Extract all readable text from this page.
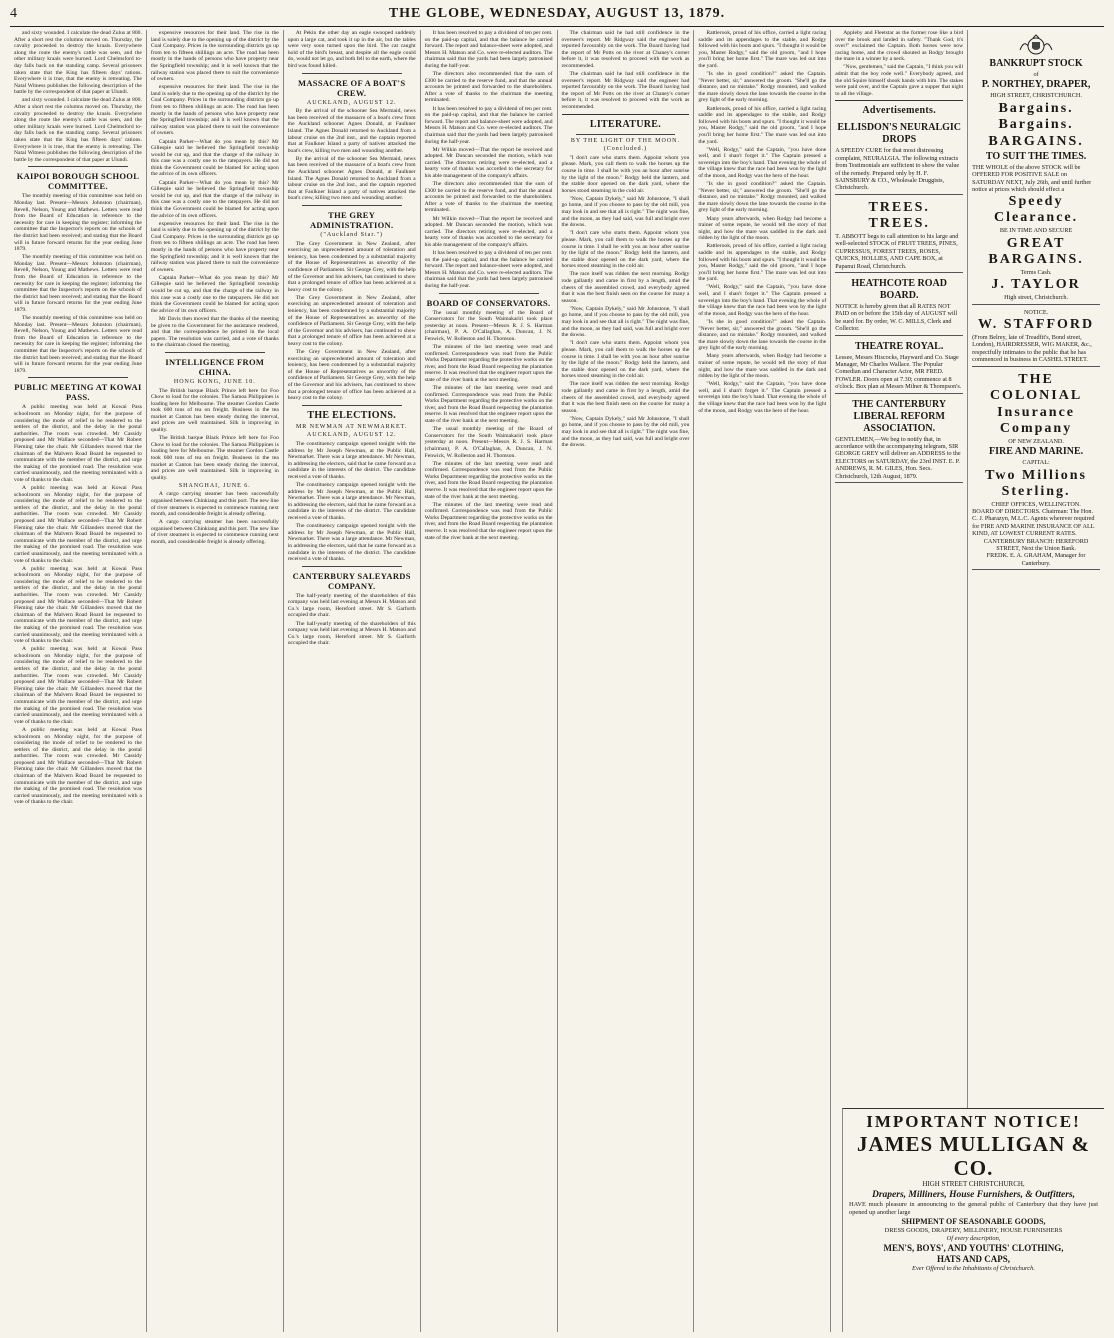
4	THE GLOBE, WEDNESDAY, AUGUST 13, 1879.

and sixty wounded. I calculate the dead Zulus at 800. After a short rest the columns moved on. Thursday, the cavalry proceeded to destroy the kraals. Everywhere along the route the enemy's cattle was seen, and the other military kraals were burned. Lord Chelmsford to-day falls back on the standing camp. Several prisoners taken state that the King has fifteen days' rations. Everywhere it is true, that the enemy is retreating. The Natal Witness publishes the following description of the battle by the correspondent of that paper at Ulundi.

and sixty wounded. I calculate the dead Zulus at 800. After a short rest the columns moved on. Thursday, the cavalry proceeded to destroy the kraals. Everywhere along the route the enemy's cattle was seen, and the other military kraals were burned. Lord Chelmsford to-day falls back on the standing camp. Several prisoners taken state that the King has fifteen days' rations. Everywhere it is true, that the enemy is retreating. The Natal Witness publishes the following description of the battle by the correspondent of that paper at Ulundi.

KAIPOI BOROUGH SCHOOL COMMITTEE.

The monthly meeting of this committee was held on Monday last. Present—Messrs Johnston (chairman), Revell, Nelson, Young and Mathews. Letters were read from the Board of Education in reference to the necessity for care in keeping the register; informing the committee that the Inspector's reports on the schools of the district had been received; and stating that the Board will in future forward returns for the year ending June 1879.

The monthly meeting of this committee was held on Monday last. Present—Messrs Johnston (chairman), Revell, Nelson, Young and Mathews. Letters were read from the Board of Education in reference to the necessity for care in keeping the register; informing the committee that the Inspector's reports on the schools of the district had been received; and stating that the Board will in future forward returns for the year ending June 1879.

The monthly meeting of this committee was held on Monday last. Present—Messrs Johnston (chairman), Revell, Nelson, Young and Mathews. Letters were read from the Board of Education in reference to the necessity for care in keeping the register; informing the committee that the Inspector's reports on the schools of the district had been received; and stating that the Board will in future forward returns for the year ending June 1879.

PUBLIC MEETING AT KOWAI PASS.

A public meeting was held at Kowai Pass schoolroom on Monday night, for the purpose of considering the mode of relief to be rendered to the settlers of the district, and the delay in the postal authorities. The room was crowded. Mr Cassidy proposed and Mr Wallace seconded—That Mr Robert Fleming take the chair. Mr Gillanders moved that the chairman of the Malvern Road Board be requested to communicate with the member of the district, and urge the making of the promised road. The resolution was carried unanimously, and the meeting terminated with a vote of thanks to the chair.

A public meeting was held at Kowai Pass schoolroom on Monday night, for the purpose of considering the mode of relief to be rendered to the settlers of the district, and the delay in the postal authorities. The room was crowded. Mr Cassidy proposed and Mr Wallace seconded—That Mr Robert Fleming take the chair. Mr Gillanders moved that the chairman of the Malvern Road Board be requested to communicate with the member of the district, and urge the making of the promised road. The resolution was carried unanimously, and the meeting terminated with a vote of thanks to the chair.

A public meeting was held at Kowai Pass schoolroom on Monday night, for the purpose of considering the mode of relief to be rendered to the settlers of the district, and the delay in the postal authorities. The room was crowded. Mr Cassidy proposed and Mr Wallace seconded—That Mr Robert Fleming take the chair. Mr Gillanders moved that the chairman of the Malvern Road Board be requested to communicate with the member of the district, and urge the making of the promised road. The resolution was carried unanimously, and the meeting terminated with a vote of thanks to the chair.

A public meeting was held at Kowai Pass schoolroom on Monday night, for the purpose of considering the mode of relief to be rendered to the settlers of the district, and the delay in the postal authorities. The room was crowded. Mr Cassidy proposed and Mr Wallace seconded—That Mr Robert Fleming take the chair. Mr Gillanders moved that the chairman of the Malvern Road Board be requested to communicate with the member of the district, and urge the making of the promised road. The resolution was carried unanimously, and the meeting terminated with a vote of thanks to the chair.

A public meeting was held at Kowai Pass schoolroom on Monday night, for the purpose of considering the mode of relief to be rendered to the settlers of the district, and the delay in the postal authorities. The room was crowded. Mr Cassidy proposed and Mr Wallace seconded—That Mr Robert Fleming take the chair. Mr Gillanders moved that the chairman of the Malvern Road Board be requested to communicate with the member of the district, and urge the making of the promised road. The resolution was carried unanimously, and the meeting terminated with a vote of thanks to the chair.

expensive resources for their land. The rise in the land is solely due to the opening up of the district by the Coal Company. Prices in the surrounding districts go up from ten to fifteen shillings an acre. The road has been mostly in the hands of persons who have property near the Springfield township; and it is well known that the railway station was placed there to suit the convenience of owners.

expensive resources for their land. The rise in the land is solely due to the opening up of the district by the Coal Company. Prices in the surrounding districts go up from ten to fifteen shillings an acre. The road has been mostly in the hands of persons who have property near the Springfield township; and it is well known that the railway station was placed there to suit the convenience of owners.

Captain Parker—What do you mean by this? Mr Gillespie said he believed the Springfield township would be cut up, and that the charge of the railway in this case was a costly one to the ratepayers. He did not think the Government could be blamed for acting upon the advice of its own officers.

Captain Parker—What do you mean by this? Mr Gillespie said he believed the Springfield township would be cut up, and that the charge of the railway in this case was a costly one to the ratepayers. He did not think the Government could be blamed for acting upon the advice of its own officers.

expensive resources for their land. The rise in the land is solely due to the opening up of the district by the Coal Company. Prices in the surrounding districts go up from ten to fifteen shillings an acre. The road has been mostly in the hands of persons who have property near the Springfield township; and it is well known that the railway station was placed there to suit the convenience of owners.

Captain Parker—What do you mean by this? Mr Gillespie said he believed the Springfield township would be cut up, and that the charge of the railway in this case was a costly one to the ratepayers. He did not think the Government could be blamed for acting upon the advice of its own officers.

Mr Davis then moved that the thanks of the meeting be given to the Government for the assistance rendered, and that the correspondence be printed in the local papers. The resolution was carried, and a vote of thanks to the chairman closed the meeting.

INTELLIGENCE FROM CHINA.
HONG KONG, JUNE 10.

The British barque Black Prince left here for Foo Chow to load for the colonies. The Samoa Philippines is loading here for Melbourne. The steamer Gordon Castle took 600 tons of tea on freight. Business in the tea market at Canton has been steady during the interval, and prices are well maintained. Silk is improving in quality.

The British barque Black Prince left here for Foo Chow to load for the colonies. The Samoa Philippines is loading here for Melbourne. The steamer Gordon Castle took 600 tons of tea on freight. Business in the tea market at Canton has been steady during the interval, and prices are well maintained. Silk is improving in quality.

SHANGHAI, JUNE 6.

A cargo carrying steamer has been successfully organised between Chinkiang and this port. The new line of river steamers is expected to commence running next month, and considerable freight is already offering.

A cargo carrying steamer has been successfully organised between Chinkiang and this port. The new line of river steamers is expected to commence running next month, and considerable freight is already offering.

At Pekin the other day an eagle swooped suddenly upon a large cat, and took it up in the air, but the tables were very soon turned upon the bird. The cat caught hold of the bird's breast, and despite all the eagle could do, would not let go, and both fell to the earth, where the bird was found killed.

MASSACRE OF A BOAT'S CREW.
AUCKLAND, AUGUST 12.

By the arrival of the schooner Sea Mermaid, news has been received of the massacre of a boat's crew from the Auckland schooner Agnes Donald, at Faulkner Island. The Agnes Donald returned to Auckland from a labour cruise on the 2nd inst., and the captain reported that at Faulkner Island a party of natives attacked the boat's crew, killing two men and wounding another.

By the arrival of the schooner Sea Mermaid, news has been received of the massacre of a boat's crew from the Auckland schooner Agnes Donald, at Faulkner Island. The Agnes Donald returned to Auckland from a labour cruise on the 2nd inst., and the captain reported that at Faulkner Island a party of natives attacked the boat's crew, killing two men and wounding another.

THE GREY ADMINISTRATION.
("Auckland Star.")

The Grey Government in New Zealand, after exercising an unprecedented amount of toleration and leniency, has been condemned by a substantial majority of the House of Representatives as unworthy of the confidence of Parliament. Sir George Grey, with the help of the Governor and his advisers, has continued to show that a prolonged tenure of office has been achieved at a heavy cost to the colony.

The Grey Government in New Zealand, after exercising an unprecedented amount of toleration and leniency, has been condemned by a substantial majority of the House of Representatives as unworthy of the confidence of Parliament. Sir George Grey, with the help of the Governor and his advisers, has continued to show that a prolonged tenure of office has been achieved at a heavy cost to the colony.

The Grey Government in New Zealand, after exercising an unprecedented amount of toleration and leniency, has been condemned by a substantial majority of the House of Representatives as unworthy of the confidence of Parliament. Sir George Grey, with the help of the Governor and his advisers, has continued to show that a prolonged tenure of office has been achieved at a heavy cost to the colony.

THE ELECTIONS.
MR NEWMAN AT NEWMARKET.
AUCKLAND, AUGUST 12.

The constituency campaign opened tonight with the address by Mr Joseph Newman, at the Public Hall, Newmarket. There was a large attendance. Mr Newman, in addressing the electors, said that he came forward as a candidate in the interests of the district. The candidate received a vote of thanks.

The constituency campaign opened tonight with the address by Mr Joseph Newman, at the Public Hall, Newmarket. There was a large attendance. Mr Newman, in addressing the electors, said that he came forward as a candidate in the interests of the district. The candidate received a vote of thanks.

The constituency campaign opened tonight with the address by Mr Joseph Newman, at the Public Hall, Newmarket. There was a large attendance. Mr Newman, in addressing the electors, said that he came forward as a candidate in the interests of the district. The candidate received a vote of thanks.

CANTERBURY SALEYARDS COMPANY.

The half-yearly meeting of the shareholders of this company was held last evening at Messrs H. Matson and Co.'s large room, Hereford street. Mr S. Garforth occupied the chair.

The half-yearly meeting of the shareholders of this company was held last evening at Messrs H. Matson and Co.'s large room, Hereford street. Mr S. Garforth occupied the chair.

It has been resolved to pay a dividend of ten per cent. on the paid-up capital, and that the balance be carried forward. The report and balance-sheet were adopted, and Messrs H. Matson and Co. were re-elected auditors. The chairman said that the yards had been largely patronised during the half-year.

The directors also recommended that the sum of £300 be carried to the reserve fund, and that the annual accounts be printed and forwarded to the shareholders. After a vote of thanks to the chairman the meeting terminated.

It has been resolved to pay a dividend of ten per cent. on the paid-up capital, and that the balance be carried forward. The report and balance-sheet were adopted, and Messrs H. Matson and Co. were re-elected auditors. The chairman said that the yards had been largely patronised during the half-year.

Mr Wilkin moved—That the report be received and adopted. Mr Duncan seconded the motion, which was carried. The directors retiring were re-elected, and a hearty vote of thanks was accorded to the secretary for his able management of the company's affairs.

The directors also recommended that the sum of £300 be carried to the reserve fund, and that the annual accounts be printed and forwarded to the shareholders. After a vote of thanks to the chairman the meeting terminated.

Mr Wilkin moved—That the report be received and adopted. Mr Duncan seconded the motion, which was carried. The directors retiring were re-elected, and a hearty vote of thanks was accorded to the secretary for his able management of the company's affairs.

It has been resolved to pay a dividend of ten per cent. on the paid-up capital, and that the balance be carried forward. The report and balance-sheet were adopted, and Messrs H. Matson and Co. were re-elected auditors. The chairman said that the yards had been largely patronised during the half-year.

BOARD OF CONSERVATORS.

The usual monthly meeting of the Board of Conservators for the South Waimakariri took place yesterday at noon. Present—Messrs R. J. S. Harman (chairman), P. A. O'Callaghan, A. Duncan, J. N. Fenwick, W. Rolleston and H. Thomson.

The minutes of the last meeting were read and confirmed. Correspondence was read from the Public Works Department regarding the protective works on the river, and from the Road Board respecting the plantation reserve. It was resolved that the engineer report upon the state of the river bank at the next meeting.

The minutes of the last meeting were read and confirmed. Correspondence was read from the Public Works Department regarding the protective works on the river, and from the Road Board respecting the plantation reserve. It was resolved that the engineer report upon the state of the river bank at the next meeting.

The usual monthly meeting of the Board of Conservators for the South Waimakariri took place yesterday at noon. Present—Messrs R. J. S. Harman (chairman), P. A. O'Callaghan, A. Duncan, J. N. Fenwick, W. Rolleston and H. Thomson.

The minutes of the last meeting were read and confirmed. Correspondence was read from the Public Works Department regarding the protective works on the river, and from the Road Board respecting the plantation reserve. It was resolved that the engineer report upon the state of the river bank at the next meeting.

The minutes of the last meeting were read and confirmed. Correspondence was read from the Public Works Department regarding the protective works on the river, and from the Road Board respecting the plantation reserve. It was resolved that the engineer report upon the state of the river bank at the next meeting.

The chairman said he had still confidence in the overseer's report. Mr Ridgway said the engineer had reported favourably on the work. The Board having had the report of Mr Potts on the river at Chaney's corner before it, it was resolved to proceed with the work as recommended.

The chairman said he had still confidence in the overseer's report. Mr Ridgway said the engineer had reported favourably on the work. The Board having had the report of Mr Potts on the river at Chaney's corner before it, it was resolved to proceed with the work as recommended.

LITERATURE.
BY THE LIGHT OF THE MOON.
(Concluded.)

"I don't care who starts them. Appoint whom you please. Mark, you call them to walk the horses up the course in time. I shall be with you an hour after sunrise by the light of the moon." Rodgy held the lantern, and the stable door opened on the dark yard, where the horses stood steaming in the cold air.

"Now, Captain Dykely," said Mr Johnstone, "I shall go home, and if you choose to pass by the old mill, you may look in and see that all is right." The night was fine, and the moon, as they had said, was full and bright over the downs.

"I don't care who starts them. Appoint whom you please. Mark, you call them to walk the horses up the course in time. I shall be with you an hour after sunrise by the light of the moon." Rodgy held the lantern, and the stable door opened on the dark yard, where the horses stood steaming in the cold air.

The race itself was ridden the next morning. Rodgy rode gallantly and came in first by a length, amid the cheers of the assembled crowd, and everybody agreed that it was the best finish seen on the course for many a season.

"Now, Captain Dykely," said Mr Johnstone, "I shall go home, and if you choose to pass by the old mill, you may look in and see that all is right." The night was fine, and the moon, as they had said, was full and bright over the downs.

"I don't care who starts them. Appoint whom you please. Mark, you call them to walk the horses up the course in time. I shall be with you an hour after sunrise by the light of the moon." Rodgy held the lantern, and the stable door opened on the dark yard, where the horses stood steaming in the cold air.

The race itself was ridden the next morning. Rodgy rode gallantly and came in first by a length, amid the cheers of the assembled crowd, and everybody agreed that it was the best finish seen on the course for many a season.

"Now, Captain Dykely," said Mr Johnstone, "I shall go home, and if you choose to pass by the old mill, you may look in and see that all is right." The night was fine, and the moon, as they had said, was full and bright over the downs.

Rattlerook, proud of his office, carried a light racing saddle and its appendages to the stable, and Rodgy followed with his boots and spurs. "I thought it would be you, Master Rodgy," said the old groom, "and I hope you'll bring her home first." The mare was led out into the yard.

"Is she in good condition?" asked the Captain. "Never better, sir," answered the groom. "She'll go the distance, and no mistake." Rodgy mounted, and walked the mare slowly down the lane towards the course in the grey light of the early morning.

Rattlerook, proud of his office, carried a light racing saddle and its appendages to the stable, and Rodgy followed with his boots and spurs. "I thought it would be you, Master Rodgy," said the old groom, "and I hope you'll bring her home first." The mare was led out into the yard.

"Well, Rodgy," said the Captain, "you have done well, and I shan't forget it." The Captain pressed a sovereign into the boy's hand. That evening the whole of the village knew that the race had been won by the light of the moon, and Rodgy was the hero of the hour.

"Is she in good condition?" asked the Captain. "Never better, sir," answered the groom. "She'll go the distance, and no mistake." Rodgy mounted, and walked the mare slowly down the lane towards the course in the grey light of the early morning.

Many years afterwards, when Rodgy had become a trainer of some repute, he would tell the story of that night, and how the mare was saddled in the dark and ridden by the light of the moon.

Rattlerook, proud of his office, carried a light racing saddle and its appendages to the stable, and Rodgy followed with his boots and spurs. "I thought it would be you, Master Rodgy," said the old groom, "and I hope you'll bring her home first." The mare was led out into the yard.

"Well, Rodgy," said the Captain, "you have done well, and I shan't forget it." The Captain pressed a sovereign into the boy's hand. That evening the whole of the village knew that the race had been won by the light of the moon, and Rodgy was the hero of the hour.

"Is she in good condition?" asked the Captain. "Never better, sir," answered the groom. "She'll go the distance, and no mistake." Rodgy mounted, and walked the mare slowly down the lane towards the course in the grey light of the early morning.

Many years afterwards, when Rodgy had become a trainer of some repute, he would tell the story of that night, and how the mare was saddled in the dark and ridden by the light of the moon.

"Well, Rodgy," said the Captain, "you have done well, and I shan't forget it." The Captain pressed a sovereign into the boy's hand. That evening the whole of the village knew that the race had been won by the light of the moon, and Rodgy was the hero of the hour.

Appleby and Fleetstar as the former rose like a bird over the brook and landed in safety. "Thank God, it's over!" exclaimed the Captain. Both horses were now racing home, and the crowd shouted as Rodgy brought the mare in a winner by a neck.

"Now, gentlemen," said the Captain, "I think you will admit that the boy rode well." Everybody agreed, and the old Squire himself shook hands with him. The stakes were paid over, and the Captain gave a supper that night to all the village.

Advertisements.
ELLISDON'S NEURALGIC DROPS
A SPEEDY CURE for that most distressing complaint, NEURALGIA. The following extracts from Testimonials are sufficient to show the value of the remedy. Prepared only by H. F. SAINSBURY & CO., Wholesale Druggists, Christchurch.
TREES. TREES.
T. ABBOTT begs to call attention to his large and well-selected STOCK of FRUIT TREES, PINES, CUPRESSUS, FOREST TREES, ROSES, QUICKS, HOLLIES, AND CAPE BOX, at Papanui Road, Christchurch.
HEATHCOTE ROAD BOARD.
NOTICE is hereby given that all RATES NOT PAID on or before the 15th day of AUGUST will be sued for. By order, W. C. MILLS, Clerk and Collector.
THEATRE ROYAL.
Lessee, Messrs Hiscocks, Hayward and Co. Stage Manager, Mr Charles Wallace. The Popular Comedian and Character Actor, MR FRED. FOWLER. Doors open at 7.30; commence at 8 o'clock. Box plan at Messrs Milner & Thompson's.
THE CANTERBURY LIBERAL REFORM ASSOCIATION.
GENTLEMEN,—We beg to notify that, in accordance with the accompanying telegram, SIR GEORGE GREY will deliver an ADDRESS to the ELECTORS on SATURDAY, the 23rd INST. E. P. ANDREWS, R. M. GILES, Hon. Secs. Christchurch, 12th August, 1879.
BANKRUPT STOCK
of
P. NORTHEY, DRAPER,
HIGH STREET, CHRISTCHURCH.
Bargains. Bargains.
BARGAINS.
TO SUIT THE TIMES.
THE WHOLE of the above STOCK will be OFFERED FOR POSITIVE SALE on SATURDAY NEXT, July 26th, and until further notice at prices which should effect a
Speedy Clearance.
BE IN TIME AND SECURE
GREAT BARGAINS.
Terms Cash.
J. TAYLOR
High street, Christchurch.
NOTICE.
W. STAFFORD
(From Belrey, late of Treadfit's, Bond street, London), HAIRDRESSER, WIG MAKER, &c., respectfully intimates to the public that he has commenced in business in CASHEL STREET.
THE COLONIAL
Insurance Company
OF NEW ZEALAND.
FIRE AND MARINE.
CAPITAL:
Two Millions Sterling.
CHIEF OFFICES, WELLINGTON.
BOARD OF DIRECTORS. Chairman: The Hon. C. J. Pharazyn, M.L.C. Agents wherever required for FIRE AND MARINE INSURANCE OF ALL KIND, AT LOWEST CURRENT RATES.
CANTERBURY BRANCH: HEREFORD STREET, Next the Union Bank.
FREDK. E. A. GRAHAM, Manager for Canterbury.
IMPORTANT NOTICE!
JAMES MULLIGAN & CO.
HIGH STREET CHRISTCHURCH,
Drapers, Milliners, House Furnishers, & Outfitters,
HAVE much pleasure in announcing to the general public of Canterbury that they have just opened up another large
SHIPMENT OF SEASONABLE GOODS,
DRESS GOODS, DRAPERY, MILLINERY, HOUSE FURNISHERS
Of every description,
MEN'S, BOYS', AND YOUTHS' CLOTHING,
HATS AND CAPS,
Ever Offered to the Inhabitants of Christchurch.
